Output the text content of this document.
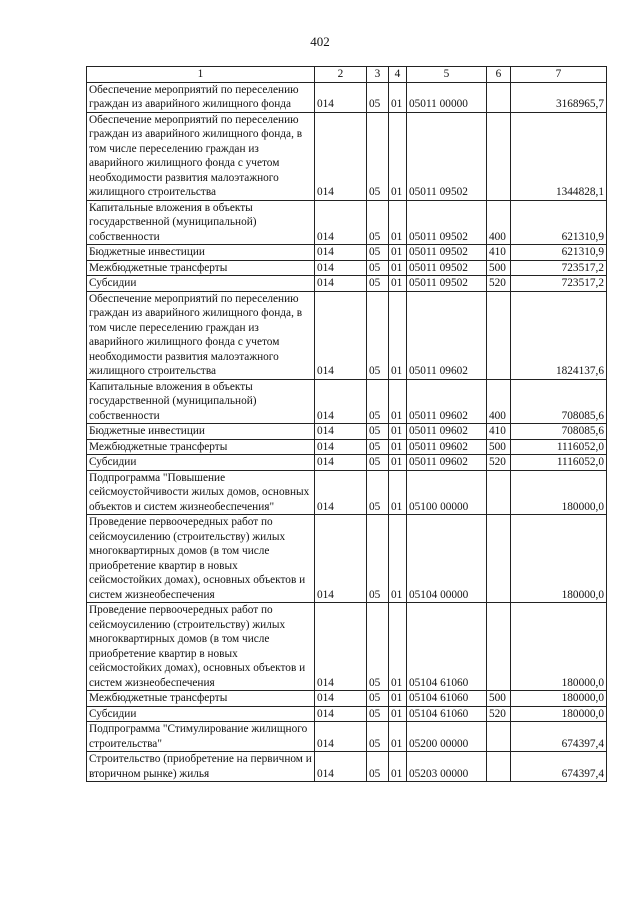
402
1	2	3	4	5	6	7
Обеспечение мероприятий по переселению граждан из аварийного жилищного фонда	014	05	01	05011 00000		3168965,7
Обеспечение мероприятий по переселению граждан из аварийного жилищного фонда, в том числе переселению граждан из аварийного жилищного фонда с учетом необходимости развития малоэтажного жилищного строительства	014	05	01	05011 09502		1344828,1
Капитальные вложения в объекты государственной (муниципальной) собственности	014	05	01	05011 09502	400	621310,9
Бюджетные инвестиции	014	05	01	05011 09502	410	621310,9
Межбюджетные трансферты	014	05	01	05011 09502	500	723517,2
Субсидии	014	05	01	05011 09502	520	723517,2
Обеспечение мероприятий по переселению граждан из аварийного жилищного фонда, в том числе переселению граждан из аварийного жилищного фонда с учетом необходимости развития малоэтажного жилищного строительства	014	05	01	05011 09602		1824137,6
Капитальные вложения в объекты государственной (муниципальной) собственности	014	05	01	05011 09602	400	708085,6
Бюджетные инвестиции	014	05	01	05011 09602	410	708085,6
Межбюджетные трансферты	014	05	01	05011 09602	500	1116052,0
Субсидии	014	05	01	05011 09602	520	1116052,0
Подпрограмма "Повышение сейсмоустойчивости жилых домов, основных объектов и систем жизнеобеспечения"	014	05	01	05100 00000		180000,0
Проведение первоочередных работ по сейсмоусилению (строительству) жилых многоквартирных домов (в том числе приобретение квартир в новых сейсмостойких домах), основных объектов и систем жизнеобеспечения	014	05	01	05104 00000		180000,0
Проведение первоочередных работ по сейсмоусилению (строительству) жилых многоквартирных домов (в том числе приобретение квартир в новых сейсмостойких домах), основных объектов и систем жизнеобеспечения	014	05	01	05104 61060		180000,0
Межбюджетные трансферты	014	05	01	05104 61060	500	180000,0
Субсидии	014	05	01	05104 61060	520	180000,0
Подпрограмма "Стимулирование жилищного строительства"	014	05	01	05200 00000		674397,4
Строительство (приобретение на первичном и вторичном рынке) жилья	014	05	01	05203 00000		674397,4
